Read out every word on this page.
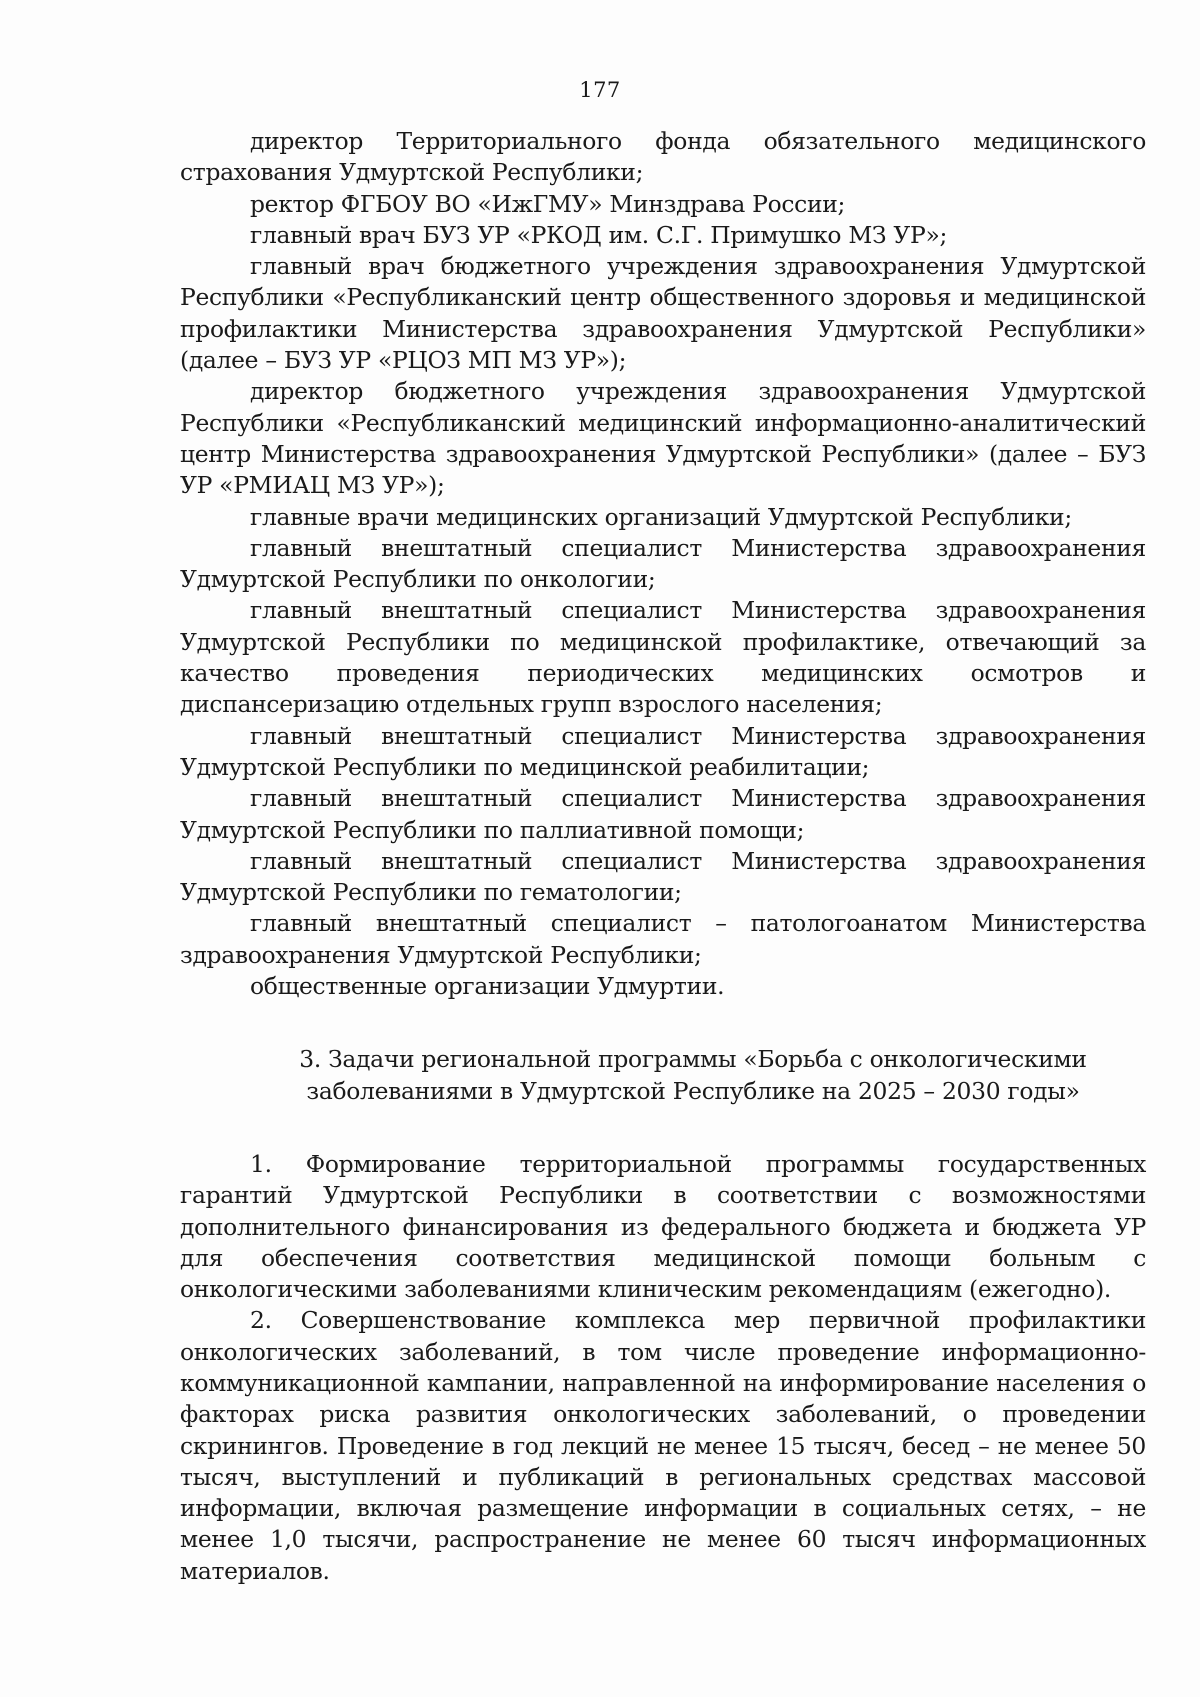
177

директор Территориального фонда обязательного медицинского страхования Удмуртской Республики;

ректор ФГБОУ ВО «ИжГМУ» Минздрава России;

главный врач БУЗ УР «РКОД им. С.Г. Примушко МЗ УР»;

главный врач бюджетного учреждения здравоохранения Удмуртской Республики «Республиканский центр общественного здоровья и медицинской профилактики Министерства здравоохранения Удмуртской Республики» (далее – БУЗ УР «РЦОЗ МП МЗ УР»);

директор бюджетного учреждения здравоохранения Удмуртской Республики «Республиканский медицинский информационно-аналитический центр Министерства здравоохранения Удмуртской Республики» (далее – БУЗ УР «РМИАЦ МЗ УР»);

главные врачи медицинских организаций Удмуртской Республики;

главный внештатный специалист Министерства здравоохранения Удмуртской Республики по онкологии;

главный внештатный специалист Министерства здравоохранения Удмуртской Республики по медицинской профилактике, отвечающий за качество проведения периодических медицинских осмотров и диспансеризацию отдельных групп взрослого населения;

главный внештатный специалист Министерства здравоохранения Удмуртской Республики по медицинской реабилитации;

главный внештатный специалист Министерства здравоохранения Удмуртской Республики по паллиативной помощи;

главный внештатный специалист Министерства здравоохранения Удмуртской Республики по гематологии;

главный внештатный специалист – патологоанатом Министерства здравоохранения Удмуртской Республики;

общественные организации Удмуртии.

3. Задачи региональной программы «Борьба с онкологическими
заболеваниями в Удмуртской Республике на 2025 – 2030 годы»

1. Формирование территориальной программы государственных гарантий Удмуртской Республики в соответствии с возможностями дополнительного финансирования из федерального бюджета и бюджета УР для обеспечения соответствия медицинской помощи больным с онкологическими заболеваниями клиническим рекомендациям (ежегодно).

2. Совершенствование комплекса мер первичной профилактики онкологических заболеваний, в том числе проведение информационно-коммуникационной кампании, направленной на информирование населения о факторах риска развития онкологических заболеваний, о проведении скринингов. Проведение в год лекций не менее 15 тысяч, бесед – не менее 50 тысяч, выступлений и публикаций в региональных средствах массовой информации, включая размещение информации в социальных сетях, – не менее 1,0 тысячи, распространение не менее 60 тысяч информационных материалов.
